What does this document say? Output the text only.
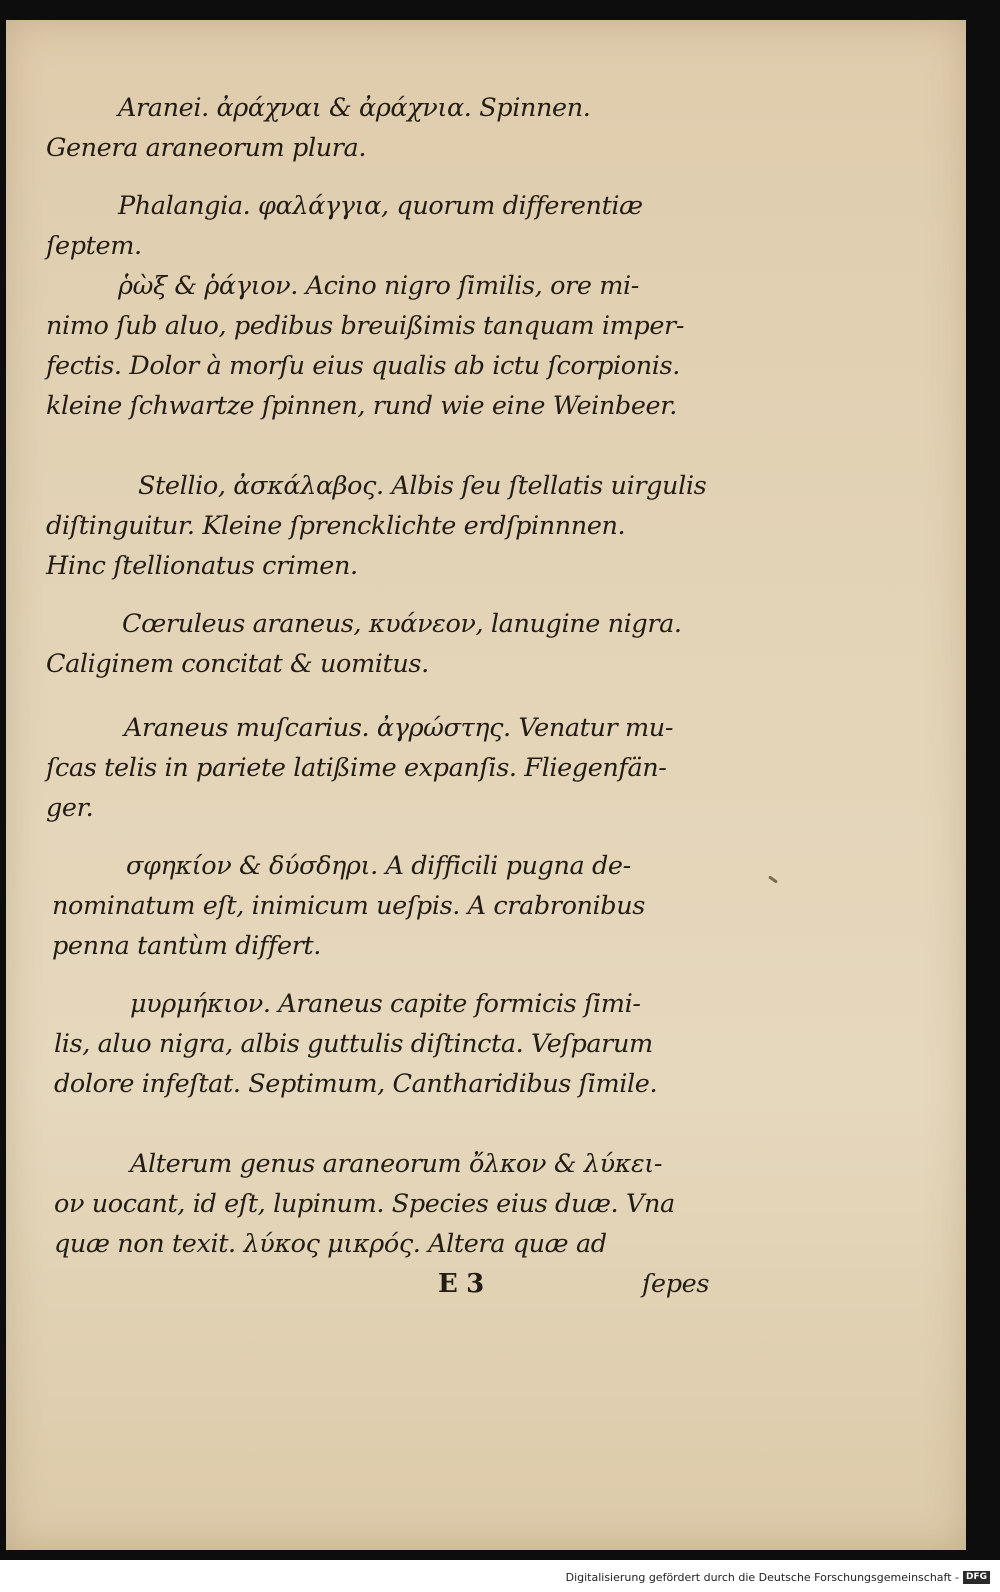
Aranei. ἀράχναι & ἀράχνια. Spinnen.
Genera araneorum plura.
Phalangia. φαλάγγια, quorum differentiæ
ſeptem.
ῥὼξ & ῥάγιον. Acino nigro ſimilis, ore mi-
nimo ſub aluo, pedibus breuißimis tanquam imper-
fectis. Dolor à morſu eius qualis ab ictu ſcorpionis.
kleine ſchwartze ſpinnen, rund wie eine Weinbeer.
Stellio, ἀσκάλαβος. Albis ſeu ſtellatis uirgulis
diſtinguitur. Kleine ſprencklichte erdſpinnnen.
Hinc ſtellionatus crimen.
Cœruleus araneus, κυάνεον, lanugine nigra.
Caliginem concitat & uomitus.
Araneus muſcarius. ἀγρώστης. Venatur mu-
ſcas telis in pariete latißime expanſis. Fliegenfän-
ger.
σφηκίον & δύσδηρι. A difficili pugna de-
nominatum eſt, inimicum ueſpis. A crabronibus
penna tantùm differt.
μυρμήκιον. Araneus capite formicis ſimi-
lis, aluo nigra, albis guttulis diſtincta. Veſparum
dolore infeſtat. Septimum, Cantharidibus ſimile.
Alterum genus araneorum ὄλκον & λύκει-
ον uocant, id eſt, lupinum. Species eius duæ. Vna
quæ non texit. λύκος μικρός. Altera quæ ad
E 3	ſepes
Digitalisierung gefördert durch die Deutsche Forschungsgemeinschaft - DFG
